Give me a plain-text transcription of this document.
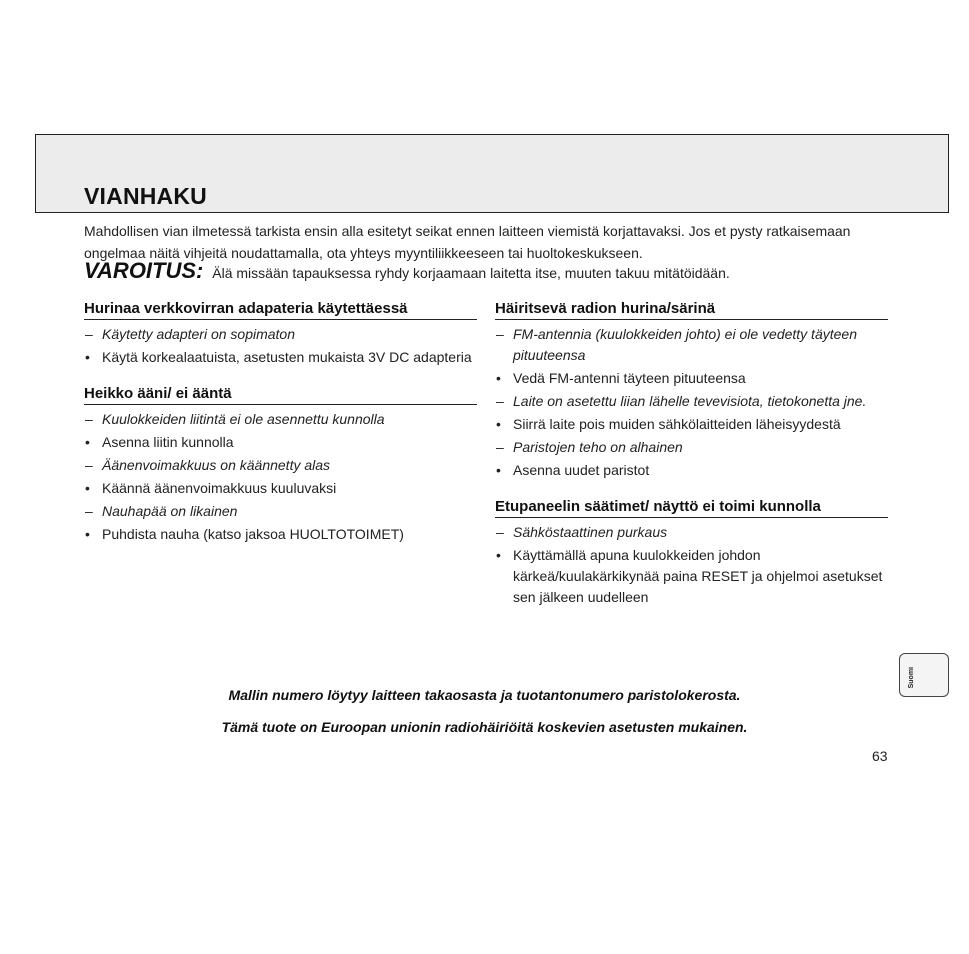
VIANHAKU

Mahdollisen vian ilmetessä tarkista ensin alla esitetyt seikat ennen laitteen viemistä korjattavaksi. Jos et pysty ratkaisemaan ongelmaa näitä vihjeitä noudattamalla, ota yhteys myyntiliikkeeseen tai huoltokeskukseen.

VAROITUS: Älä missään tapauksessa ryhdy korjaamaan laitetta itse, muuten takuu mitätöidään.

Hurinaa verkkovirran adapateria käytettäessä
– Käytetty adapteri on sopimaton
• Käytä korkealaatuista, asetusten mukaista 3V DC adapteria
Heikko ääni/ ei ääntä
– Kuulokkeiden liitintä ei ole asennettu kunnolla
• Asenna liitin kunnolla
– Äänenvoimakkuus on käännetty alas
• Käännä äänenvoimakkuus kuuluvaksi
– Nauhapää on likainen
• Puhdista nauha (katso jaksoa HUOLTOTOIMET)
Häiritsevä radion hurina/särinä
– FM-antennia (kuulokkeiden johto) ei ole vedetty täyteen pituuteensa
• Vedä FM-antenni täyteen pituuteensa
– Laite on asetettu liian lähelle tevevisiota, tietokonetta jne.
• Siirrä laite pois muiden sähkölaitteiden läheisyydestä
– Paristojen teho on alhainen
• Asenna uudet paristot
Etupaneelin säätimet/ näyttö ei toimi kunnolla
– Sähköstaattinen purkaus
• Käyttämällä apuna kuulokkeiden johdon kärkeä/kuulakärkikynää paina RESET ja ohjelmoi asetukset sen jälkeen uudelleen
Suomi

Mallin numero löytyy laitteen takaosasta ja tuotantonumero paristolokerosta.

Tämä tuote on Euroopan unionin radiohäiriöitä koskevien asetusten mukainen.

63
